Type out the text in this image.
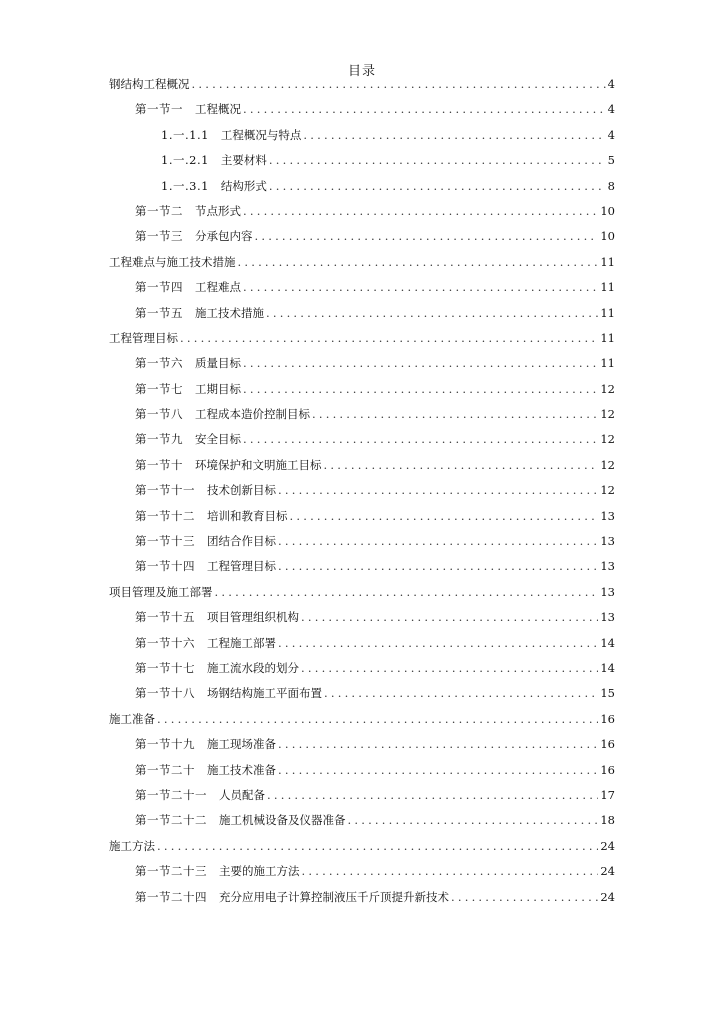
目录
钢结构工程概况 .....	4
第一节一 工程概况 .....	4
1.一.1.1 工程概况与特点 .....	4
1.一.2.1 主要材料 .....	5
1.一.3.1 结构形式 .....	8
第一节二 节点形式 .....	10
第一节三 分承包内容 .....	10
工程难点与施工技术措施 .....	11
第一节四 工程难点 .....	11
第一节五 施工技术措施 .....	11
工程管理目标 .....	11
第一节六 质量目标 .....	11
第一节七 工期目标 .....	12
第一节八 工程成本造价控制目标 .....	12
第一节九 安全目标 .....	12
第一节十 环境保护和文明施工目标 .....	12
第一节十一 技术创新目标 .....	12
第一节十二 培训和教育目标 .....	13
第一节十三 团结合作目标 .....	13
第一节十四 工程管理目标 .....	13
项目管理及施工部署 .....	13
第一节十五 项目管理组织机构 .....	13
第一节十六 工程施工部署 .....	14
第一节十七 施工流水段的划分 .....	14
第一节十八 场钢结构施工平面布置 .....	15
施工准备 .....	16
第一节十九 施工现场准备 .....	16
第一节二十 施工技术准备 .....	16
第一节二十一 人员配备 .....	17
第一节二十二 施工机械设备及仪器准备 .....	18
施工方法 .....	24
第一节二十三 主要的施工方法 .....	24
第一节二十四 充分应用电子计算控制液压千斤顶提升新技术 .....	24
